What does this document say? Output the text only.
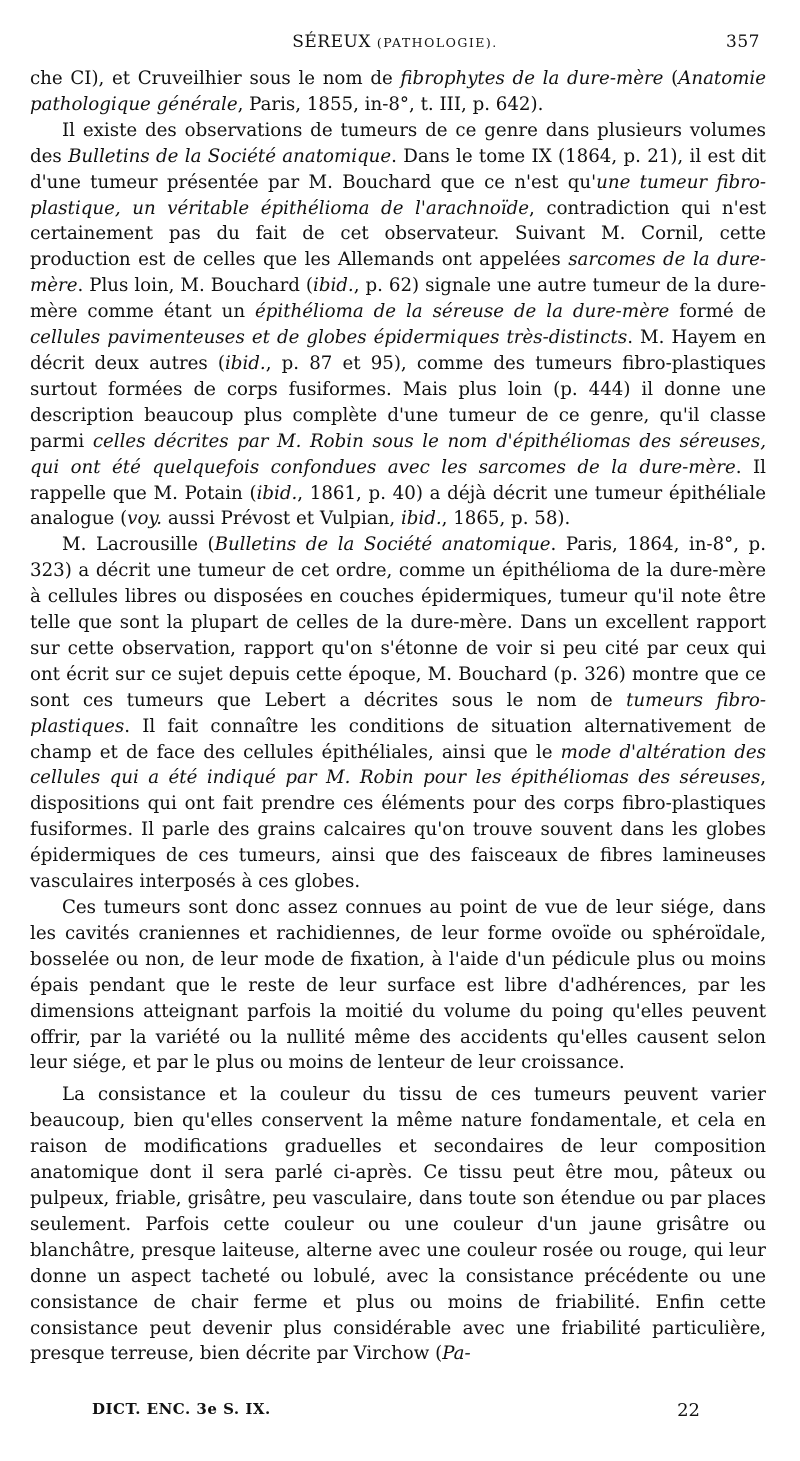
SÉREUX (PATHOLOGIE).	357

che CI), et Cruveilhier sous le nom de fibrophytes de la dure-mère (Anatomie pathologique générale, Paris, 1855, in-8°, t. III, p. 642).

Il existe des observations de tumeurs de ce genre dans plusieurs volumes des Bulletins de la Société anatomique. Dans le tome IX (1864, p. 21), il est dit d'une tumeur présentée par M. Bouchard que ce n'est qu'une tumeur fibro-plastique, un véritable épithélioma de l'arachnoïde, contradiction qui n'est certainement pas du fait de cet observateur. Suivant M. Cornil, cette production est de celles que les Allemands ont appelées sarcomes de la dure-mère. Plus loin, M. Bouchard (ibid., p. 62) signale une autre tumeur de la dure-mère comme étant un épithélioma de la séreuse de la dure-mère formé de cellules pavimenteuses et de globes épidermiques très-distincts. M. Hayem en décrit deux autres (ibid., p. 87 et 95), comme des tumeurs fibro-plastiques surtout formées de corps fusiformes. Mais plus loin (p. 444) il donne une description beaucoup plus complète d'une tumeur de ce genre, qu'il classe parmi celles décrites par M. Robin sous le nom d'épithéliomas des séreuses, qui ont été quelquefois confondues avec les sarcomes de la dure-mère. Il rappelle que M. Potain (ibid., 1861, p. 40) a déjà décrit une tumeur épithéliale analogue (voy. aussi Prévost et Vulpian, ibid., 1865, p. 58).

M. Lacrousille (Bulletins de la Société anatomique. Paris, 1864, in-8°, p. 323) a décrit une tumeur de cet ordre, comme un épithélioma de la dure-mère à cellules libres ou disposées en couches épidermiques, tumeur qu'il note être telle que sont la plupart de celles de la dure-mère. Dans un excellent rapport sur cette observation, rapport qu'on s'étonne de voir si peu cité par ceux qui ont écrit sur ce sujet depuis cette époque, M. Bouchard (p. 326) montre que ce sont ces tumeurs que Lebert a décrites sous le nom de tumeurs fibro-plastiques. Il fait connaître les conditions de situation alternativement de champ et de face des cellules épithéliales, ainsi que le mode d'altération des cellules qui a été indiqué par M. Robin pour les épithéliomas des séreuses, dispositions qui ont fait prendre ces éléments pour des corps fibro-plastiques fusiformes. Il parle des grains calcaires qu'on trouve souvent dans les globes épidermiques de ces tumeurs, ainsi que des faisceaux de fibres lamineuses vasculaires interposés à ces globes.

Ces tumeurs sont donc assez connues au point de vue de leur siége, dans les cavités craniennes et rachidiennes, de leur forme ovoïde ou sphéroïdale, bosselée ou non, de leur mode de fixation, à l'aide d'un pédicule plus ou moins épais pendant que le reste de leur surface est libre d'adhérences, par les dimensions atteignant parfois la moitié du volume du poing qu'elles peuvent offrir, par la variété ou la nullité même des accidents qu'elles causent selon leur siége, et par le plus ou moins de lenteur de leur croissance.

La consistance et la couleur du tissu de ces tumeurs peuvent varier beaucoup, bien qu'elles conservent la même nature fondamentale, et cela en raison de modifications graduelles et secondaires de leur composition anatomique dont il sera parlé ci-après. Ce tissu peut être mou, pâteux ou pulpeux, friable, grisâtre, peu vasculaire, dans toute son étendue ou par places seulement. Parfois cette couleur ou une couleur d'un jaune grisâtre ou blanchâtre, presque laiteuse, alterne avec une couleur rosée ou rouge, qui leur donne un aspect tacheté ou lobulé, avec la consistance précédente ou une consistance de chair ferme et plus ou moins de friabilité. Enfin cette consistance peut devenir plus considérable avec une friabilité particulière, presque terreuse, bien décrite par Virchow (Pa-

DICT. ENC. 3e S. IX.	22
